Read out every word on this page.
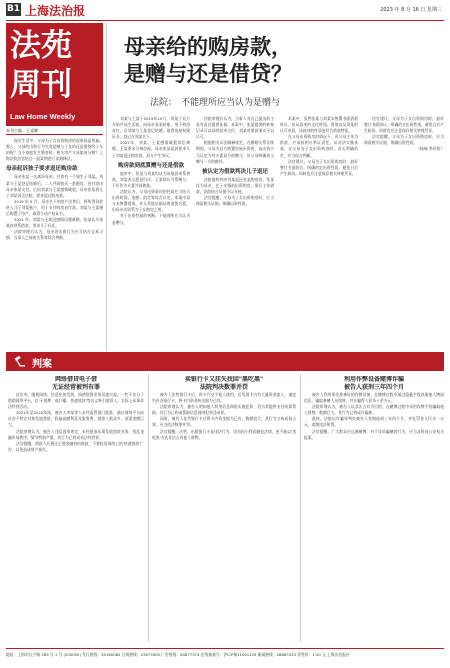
B1 上海法治报	2023 年 8 月 16 日 星期三
法苑
周刊
Law Home Weekly
本刊主编：王睿卿

现实生活中，父母为子女出资购房的现象很是普遍。那么，父母的出资行为究竟是赠与子女的还是借贷给子女的呢？当小家庭发生婚变时，相关房产又该如何分割？上海法院法官结合一起案例进行详细释法。

母亲起诉独子要求返还购房款

母亲张某一名离异母亲，共育有一个独生子刘某。刘某与王某登记结婚后，二人共同购买一套婚房，首付款由母亲张某支付。后因刘某与王某感情破裂，母亲张某将儿子刘某诉至法院，要求返还购房款。

2019 年 5 月，母亲名下的房产出售后，将所得价款转入儿子刘某账户，用于支付购房首付款。刘某与王某婚后购置了房产，取得不动产权证书。

2022 年，刘某与王某因感情问题离婚。张某认为该笔款项系借款，要求儿子归还。

法院审理后认为，母亲的出资行为应当结合交易习惯、当事人之间的关系等综合判断。

母亲给的购房款，
是赠与还是借贷？
法院： 不能理所应当认为是赠与

刘某与王某于2019年10月，刘某于双方开始共同生活前，向母亲张某转账，用于购房首付。后刘某与王某登记结婚，取得房屋权属证书，登记在刘某名下。

2022年，刘某、王某感情破裂诉讼离婚，王某要求分割房屋。母亲张某起诉要求儿子刘某返还购房款，双方产生争议。

购房款到底算赠与还是借款

庭审中，张某与刘某均认为该笔款项系借款，刘某表示愿意归还；王某则认为系赠与，不应作为夫妻共同债务。

法院认为，父母出资款项的性质应当结合出资时间、金额、约定等综合认定。本案中双方未签署借条，亦无其他证据证明借贷合意，但母亲出资系为子女购房之用。

对于出资性质的判断，不能理所应当认为是赠与。

法院审理后认为，当事人对自己提出的主张有责任提供证据。本案中，张某提供的转账记录可以证明款项交付，刘某对借款事实予以认可。

根据相关司法解释规定，在婚姻关系存续期间，父母为双方购置房屋出资的，该出资应当认定为对夫妻双方的赠与，但父母明确表示赠与一方的除外。

被认定为借款判决儿子返还

法院最终判决刘某返还张某购房款。张某作为母亲，在子女婚前出资购房，事后主张借款，法院结合证据予以支持。

法官提醒，父母为子女出资购房时，应当保留相关证据，明确出资性质。

本案中，虽然张某与刘某未签署书面借款协议，但从款项的交付时间、用途以及刘某的认可来看，该款项的性质更符合借款特征。

在父母出资购房的情况下，若父母主张为借款，应承担相应举证责任。从司法实践来看，在父母为子女出资购房时，若无明确约定，应当综合判断。

法官建议，父母为子女出资购房时，最好签订书面协议，明确约定出资性质，避免日后产生纠纷。同时也应注意保存相关转账凭证。

法官建议，父母为子女出资购房时，最好签订书面协议，明确约定出资性质，避免日后产生纠纷。同时也应注意保存相关转账凭证。

法官提醒，父母为子女出资购房时，应当保留相关证据，明确出资性质。

（杨瑞 李若怡）
判案
网络借贷电子借
无证经营被判有罪

近年来，随着网络、信息化的发展，网络借贷业务迅速兴起。一些不法分子借助网络平台，以'无抵押、低门槛、快速放款'等名义吸引借款人，实际上从事非法经营活动。

2021年至2022年间，被告人李某等人未经监管部门批准，通过网络平台向社会不特定对象发放贷款，收取高额利息及服务费，借款人数众多，涉案金额巨大。

法院审理认为，被告人违反国家规定，未经批准从事发放贷款业务，扰乱金融市场秩序，情节特别严重，其行为已构成非法经营罪。

法官提醒，借款人应通过正规金融机构借款，不要轻信网络上的'快速放款'广告，以免造成财产损失。

卖银行卡又挂失找回"黑吃黑"
法院判决数罪并罚

被告人出售银行卡后，将卡片交予他人使用，后发现卡内有大量资金流入，遂挂失补办银行卡，将卡内资金转出据为己有。

法院审理认为，被告人明知他人利用信息网络实施犯罪，仍为其提供支付结算帮助，其行为已构成帮助信息网络犯罪活动罪。

同时，被告人挂失银行卡后将卡内资金据为己有，数额较大，其行为又构成侵占罪，应当依法数罪并罚。

法官提醒，出售、出租银行卡是违法行为，切勿因小利而触犯法律，更不能以'黑吃黑'方式非法占有他人财物。

利用作弊设备赌博诈骗
被告人获刑三年四个月

被告人利用事先准备好的作弊设备，在赌博过程中通过隐蔽手段获取他人牌面信息，骗取参赌人员钱财，共计骗得人民币十余万元。

法院审理认为，被告人以非法占有为目的，在赌博过程中采用作弊手段骗取他人财物，数额巨大，其行为已构成诈骗罪。

最终，法院以诈骗罪判处被告人有期徒刑三年四个月，并处罚金人民币一万元，追缴违法所得。

法官提醒，广大群众应远离赌博，对于设局骗赌的行为，应当及时向公安机关报案。

地址：上海市长宁路 269 号 1 号 (200050) 发行热线：34160082 订阅热线：23673000 广告热线：64877374 在线备查号：沪ICP备11001225 新闻热线：28863333 零售价：1.50 元 上海法治报社
